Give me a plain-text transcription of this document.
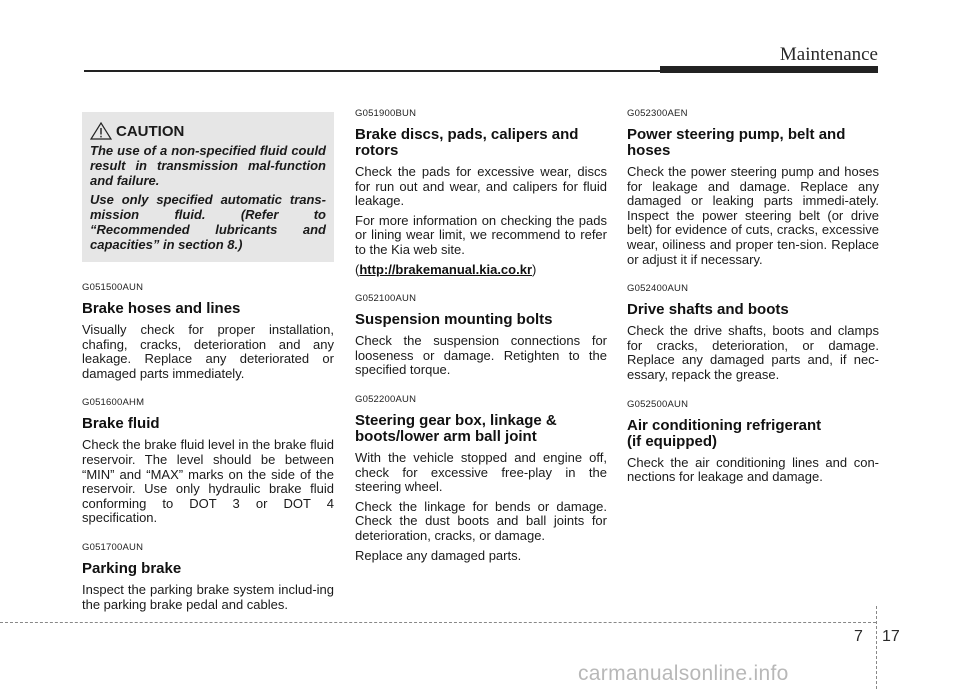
Maintenance
CAUTION

The use of a non-specified fluid could result in transmission mal-function and failure.

Use only specified automatic trans-mission fluid. (Refer to “Recommended lubricants and capacities” in section 8.)

G051500AUN
Brake hoses and lines

Visually check for proper installation, chafing, cracks, deterioration and any leakage. Replace any deteriorated or damaged parts immediately.

G051600AHM
Brake fluid

Check the brake fluid level in the brake fluid reservoir. The level should be between “MIN” and “MAX” marks on the side of the reservoir. Use only hydraulic brake fluid conforming to DOT 3 or DOT 4 specification.

G051700AUN
Parking brake

Inspect the parking brake system includ-ing the parking brake pedal and cables.

G051900BUN
Brake discs, pads, calipers and rotors

Check the pads for excessive wear, discs for run out and wear, and calipers for fluid leakage.

For more information on checking the pads or lining wear limit, we recommend to refer to the Kia web site.

(http://brakemanual.kia.co.kr)

G052100AUN
Suspension mounting bolts

Check the suspension connections for looseness or damage. Retighten to the specified torque.

G052200AUN
Steering gear box, linkage & boots/lower arm ball joint

With the vehicle stopped and engine off, check for excessive free-play in the steering wheel.

Check the linkage for bends or damage. Check the dust boots and ball joints for deterioration, cracks, or damage.

Replace any damaged parts.

G052300AEN
Power steering pump, belt and hoses

Check the power steering pump and hoses for leakage and damage. Replace any damaged or leaking parts immedi-ately. Inspect the power steering belt (or drive belt) for evidence of cuts, cracks, excessive wear, oiliness and proper ten-sion. Replace or adjust it if necessary.

G052400AUN
Drive shafts and boots

Check the drive shafts, boots and clamps for cracks, deterioration, or damage. Replace any damaged parts and, if nec-essary, repack the grease.

G052500AUN
Air conditioning refrigerant
(if equipped)

Check the air conditioning lines and con-nections for leakage and damage.

7 17
carmanualsonline.info
